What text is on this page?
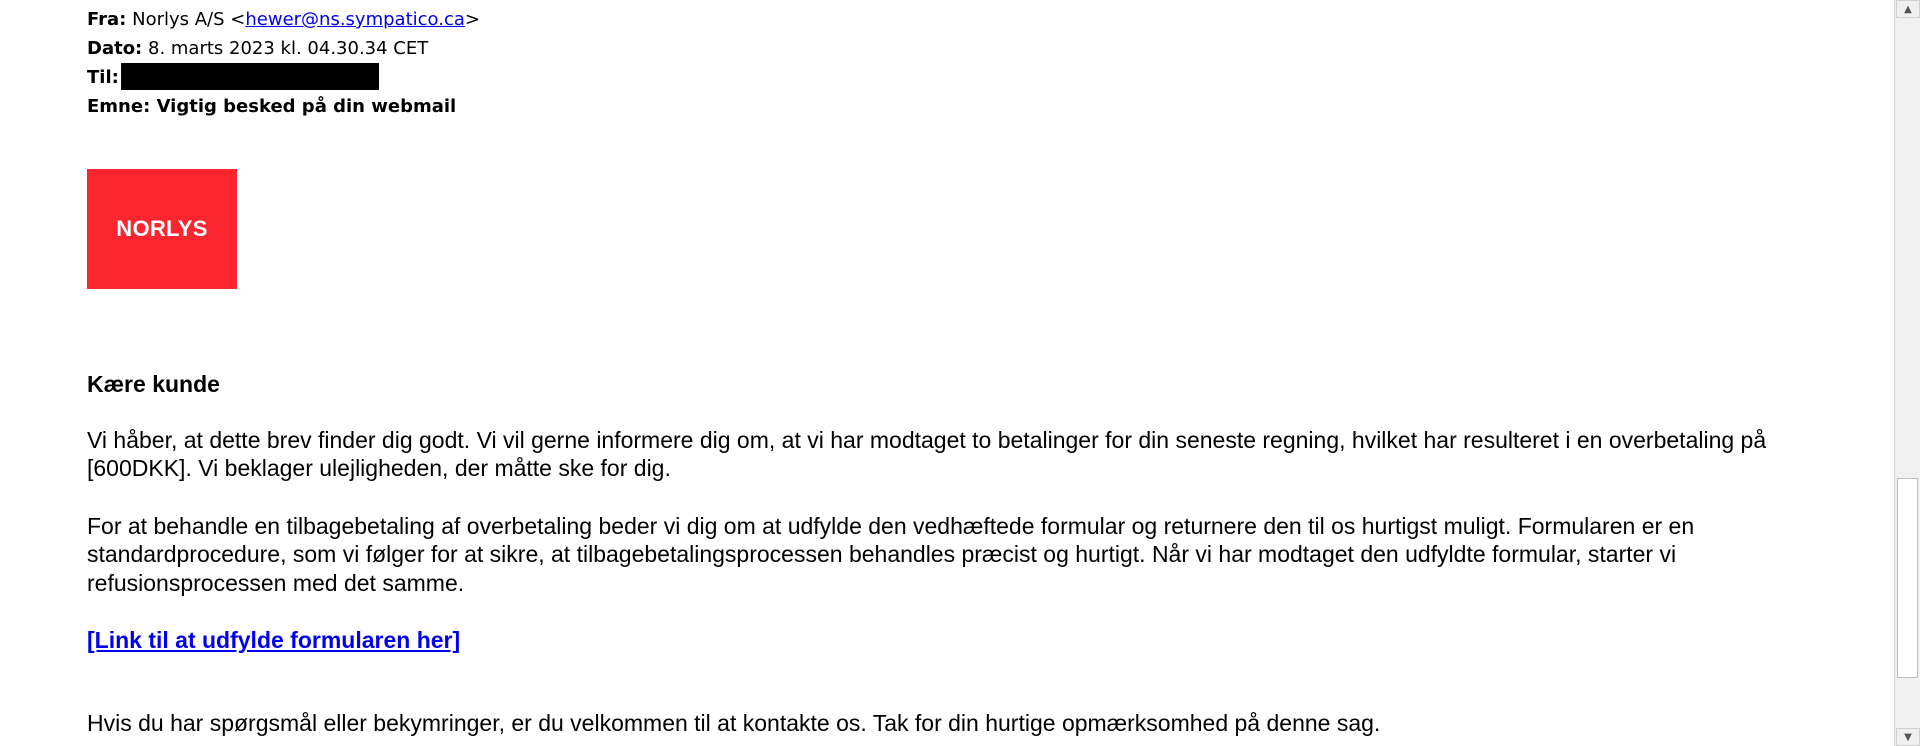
Fra: Norlys A/S <hewer@ns.sympatico.ca>
Dato: 8. marts 2023 kl. 04.30.34 CET
Til:
Emne: Vigtig besked på din webmail
NORLYS

Kære kunde

Vi håber, at dette brev finder dig godt. Vi vil gerne informere dig om, at vi har modtaget to betalinger for din seneste regning, hvilket har resulteret i en overbetaling på [600DKK]. Vi beklager ulejligheden, der måtte ske for dig.

For at behandle en tilbagebetaling af overbetaling beder vi dig om at udfylde den vedhæftede formular og returnere den til os hurtigst muligt. Formularen er en standardprocedure, som vi følger for at sikre, at tilbagebetalingsprocessen behandles præcist og hurtigt. Når vi har modtaget den udfyldte formular, starter vi refusionsprocessen med det samme.

[Link til at udfylde formularen her]

Hvis du har spørgsmål eller bekymringer, er du velkommen til at kontakte os. Tak for din hurtige opmærksomhed på denne sag.

▲
▼
